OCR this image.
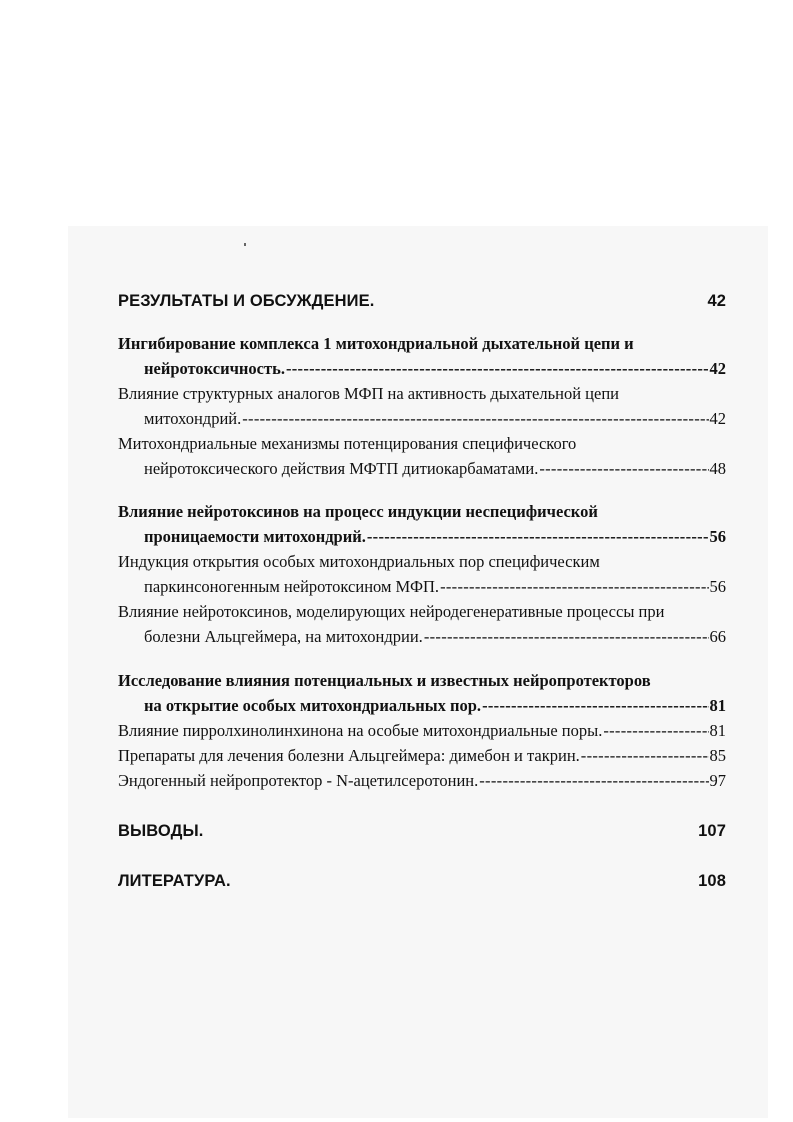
РЕЗУЛЬТАТЫ И ОБСУЖДЕНИЕ.	42
Ингибирование комплекса 1 митохондриальной дыхательной цепи и
нейротоксичность. -----	42
Влияние структурных аналогов МФП на активность дыхательной цепи
митохондрий. -----	42
Митохондриальные механизмы потенцирования специфического
нейротоксического действия МФТП дитиокарбаматами. -----	48
Влияние нейротоксинов на процесс индукции неспецифической
проницаемости митохондрий. -----	56
Индукция открытия особых митохондриальных пор специфическим
паркинсоногенным нейротоксином МФП. -----	56
Влияние нейротоксинов, моделирующих нейродегенеративные процессы при
болезни Альцгеймера, на митохондрии. -----	66
Исследование влияния потенциальных и известных нейропротекторов
на открытие особых митохондриальных пор. -----	81
Влияние пирролхинолинхинона на особые митохондриальные поры. -----	81
Препараты для лечения болезни Альцгеймера: димебон и такрин. -----	85
Эндогенный нейропротектор - N-ацетилсеротонин. -----	97
ВЫВОДЫ.	107
ЛИТЕРАТУРА.	108
